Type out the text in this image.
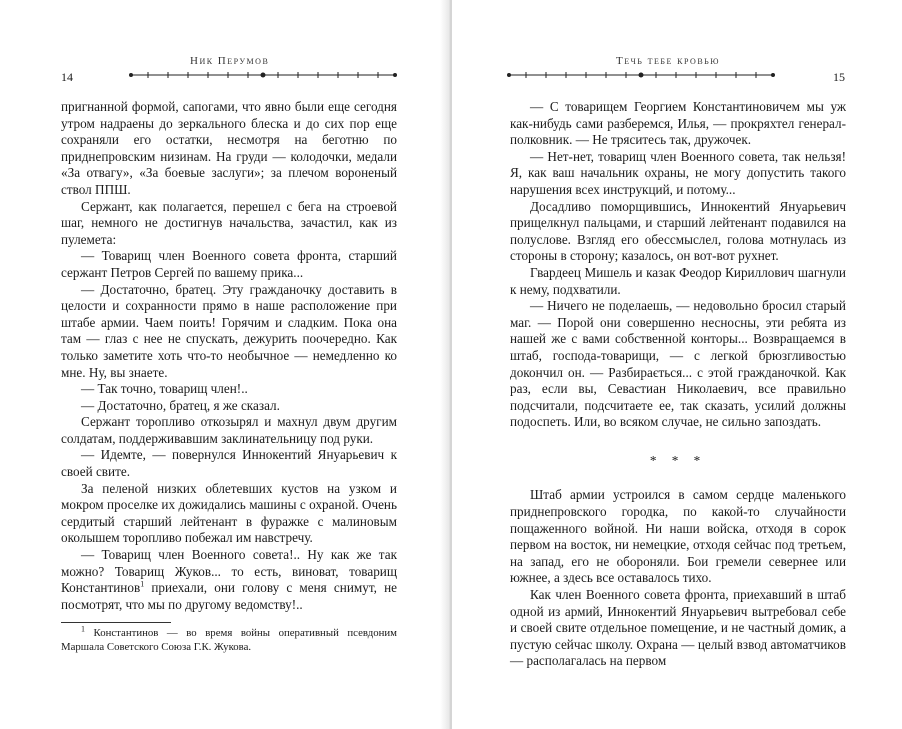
Ник Перумов
14

пригнанной формой, сапогами, что явно были еще сегодня утром надраены до зеркального блеска и до сих пор еще сохраняли его остатки, несмотря на беготню по приднепровским низинам. На груди — колодочки, медали «За отвагу», «За боевые заслуги»; за плечом вороненый ствол ППШ.

Сержант, как полагается, перешел с бега на строевой шаг, немного не достигнув начальства, зачастил, как из пулемета:

— Товарищ член Военного совета фронта, старший сержант Петров Сергей по вашему прика...

— Достаточно, братец. Эту гражданочку доставить в целости и сохранности прямо в наше расположение при штабе армии. Чаем поить! Горячим и сладким. Пока она там — глаз с нее не спускать, дежурить поочередно. Как только заметите хоть что-то необычное — немедленно ко мне. Ну, вы знаете.

— Так точно, товарищ член!..

— Достаточно, братец, я же сказал.

Сержант торопливо откозырял и махнул двум другим солдатам, поддерживавшим заклинательницу под руки.

— Идемте, — повернулся Иннокентий Януарьевич к своей свите.

За пеленой низких облетевших кустов на узком и мокром проселке их дожидались машины с охраной. Очень сердитый старший лейтенант в фуражке с малиновым околышем торопливо побежал им навстречу.

— Товарищ член Военного совета!.. Ну как же так можно? Товарищ Жуков... то есть, виноват, товарищ Константинов$^1$ приехали, они голову с меня снимут, не посмотрят, что мы по другому ведомству!..

$^1$ Константинов — во время войны оперативный псевдоним Маршала Советского Союза Г.К. Жукова.

Течь тебе кровью
15

— С товарищем Георгием Константиновичем мы уж как-нибудь сами разберемся, Илья, — прокряхтел генерал-полковник. — Не тряситесь так, дружочек.

— Нет-нет, товарищ член Военного совета, так нельзя! Я, как ваш начальник охраны, не могу допустить такого нарушения всех инструкций, и потому...

Досадливо поморщившись, Иннокентий Януарьевич прищелкнул пальцами, и старший лейтенант подавился на полуслове. Взгляд его обессмыслел, голова мотнулась из стороны в сторону; казалось, он вот-вот рухнет.

Гвардеец Мишель и казак Феодор Кириллович шагнули к нему, подхватили.

— Ничего не поделаешь, — недовольно бросил старый маг. — Порой они совершенно несносны, эти ребята из нашей же с вами собственной конторы... Возвращаемся в штаб, господа-товарищи, — с легкой брюзгливостью докончил он. — Разбирається... с этой гражданочкой. Как раз, если вы, Севастиан Николаевич, все правильно подсчитали, подсчитаете ее, так сказать, усилий должны подоспеть. Или, во всяком случае, не сильно запоздать.

* * *

Штаб армии устроился в самом сердце маленького приднепровского городка, по какой-то случайности пощаженного войной. Ни наши войска, отходя в сорок первом на восток, ни немецкие, отходя сейчас под третьем, на запад, его не обороняли. Бои гремели севернее или южнее, а здесь все оставалось тихо.

Как член Военного совета фронта, приехавший в штаб одной из армий, Иннокентий Януарьевич вытребовал себе и своей свите отдельное помещение, и не частный домик, а пустую сейчас школу. Охрана — целый взвод автоматчиков — располагалась на первом
